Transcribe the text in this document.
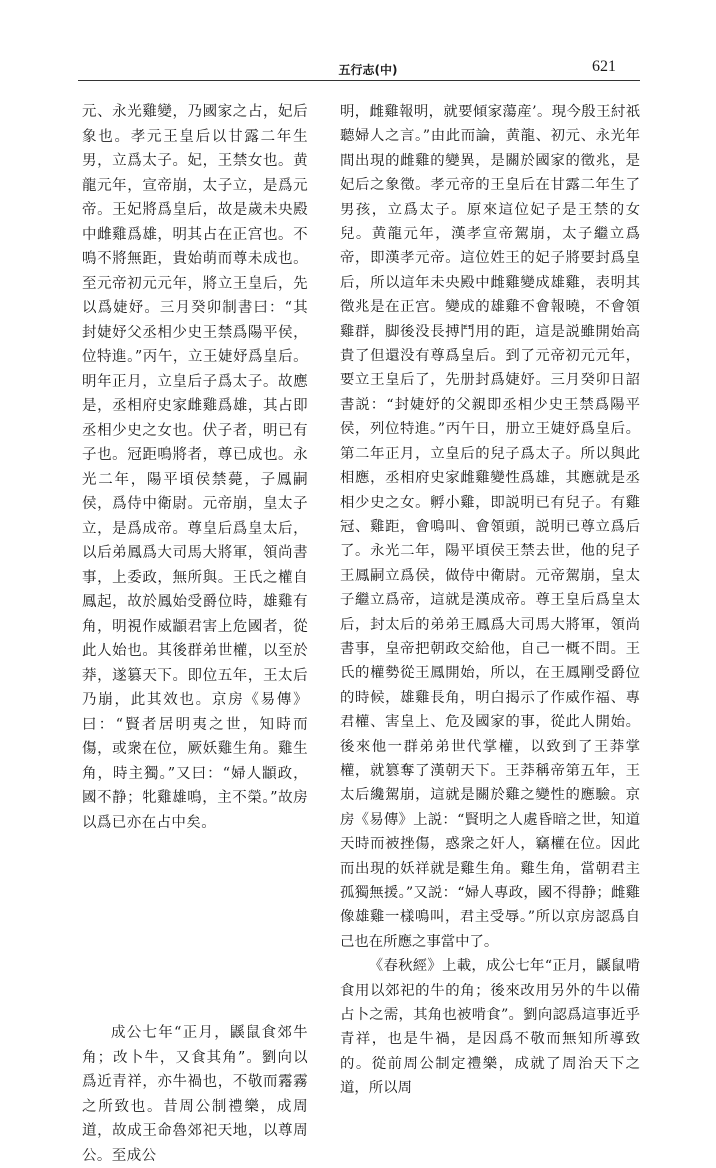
五行志(中)	621

元、永光雞變，乃國家之占，妃后象也。孝元王皇后以甘露二年生男，立爲太子。妃，王禁女也。黄龍元年，宣帝崩，太子立，是爲元帝。王妃將爲皇后，故是歲未央殿中雌雞爲雄，明其占在正宫也。不鳴不將無距，貴始萌而尊未成也。至元帝初元元年，將立王皇后，先以爲婕妤。三月癸卯制書曰：“其封婕妤父丞相少史王禁爲陽平侯，位特進。”丙午，立王婕妤爲皇后。明年正月，立皇后子爲太子。故應是，丞相府史家雌雞爲雄，其占即丞相少史之女也。伏子者，明已有子也。冠距鳴將者，尊已成也。永光二年，陽平頃侯禁薨，子鳳嗣侯，爲侍中衛尉。元帝崩，皇太子立，是爲成帝。尊皇后爲皇太后，以后弟鳳爲大司馬大將軍，領尚書事，上委政，無所與。王氏之權自鳳起，故於鳳始受爵位時，雄雞有角，明視作威顓君害上危國者，從此人始也。其後群弟世權，以至於莽，遂篡天下。即位五年，王太后乃崩，此其效也。京房《易傳》曰：“賢者居明夷之世，知時而傷，或衆在位，厥妖雞生角。雞生角，時主獨。”又曰：“婦人顓政，國不静；牝雞雄鳴，主不榮。”故房以爲已亦在占中矣。

成公七年“正月，鼷鼠食郊牛角；改卜牛，又食其角”。劉向以爲近青祥，亦牛禍也，不敬而霿霧之所致也。昔周公制禮樂，成周道，故成王命魯郊祀天地，以尊周公。至成公

明，雌雞報明，就要傾家蕩産’。現今殷王紂祇聽婦人之言。”由此而論，黄龍、初元、永光年間出現的雌雞的變異，是關於國家的徵兆，是妃后之象徵。孝元帝的王皇后在甘露二年生了男孩，立爲太子。原來這位妃子是王禁的女兒。黄龍元年，漢孝宣帝駕崩，太子繼立爲帝，即漢孝元帝。這位姓王的妃子將要封爲皇后，所以這年未央殿中雌雞變成雄雞，表明其徵兆是在正宫。變成的雄雞不會報曉，不會領雞群，脚後没長搏鬥用的距，這是説雖開始高貴了但還没有尊爲皇后。到了元帝初元元年，要立王皇后了，先册封爲婕妤。三月癸卯日詔書説：“封婕妤的父親即丞相少史王禁爲陽平侯，列位特進。”丙午日，册立王婕妤爲皇后。第二年正月，立皇后的兒子爲太子。所以與此相應，丞相府史家雌雞變性爲雄，其應就是丞相少史之女。孵小雞，即説明已有兒子。有雞冠、雞距，會鳴叫、會領頭，説明已尊立爲后了。永光二年，陽平頃侯王禁去世，他的兒子王鳳嗣立爲侯，做侍中衛尉。元帝駕崩，皇太子繼立爲帝，這就是漢成帝。尊王皇后爲皇太后，封太后的弟弟王鳳爲大司馬大將軍，領尚書事，皇帝把朝政交給他，自己一概不問。王氏的權勢從王鳳開始，所以，在王鳳剛受爵位的時候，雄雞長角，明白揭示了作威作福、專君權、害皇上、危及國家的事，從此人開始。後來他一群弟弟世代掌權，以致到了王莽掌權，就篡奪了漢朝天下。王莽稱帝第五年，王太后纔駕崩，這就是關於雞之變性的應驗。京房《易傳》上説：“賢明之人處昏暗之世，知道天時而被挫傷，惑衆之奸人，竊權在位。因此而出現的妖祥就是雞生角。雞生角，當朝君主孤獨無援。”又説：“婦人專政，國不得静；雌雞像雄雞一樣鳴叫，君主受辱。”所以京房認爲自己也在所應之事當中了。

《春秋經》上載，成公七年“正月，鼷鼠啃食用以郊祀的牛的角；後來改用另外的牛以備占卜之需，其角也被啃食”。劉向認爲這事近乎青祥，也是牛禍，是因爲不敬而無知所導致的。從前周公制定禮樂，成就了周治天下之道，所以周
